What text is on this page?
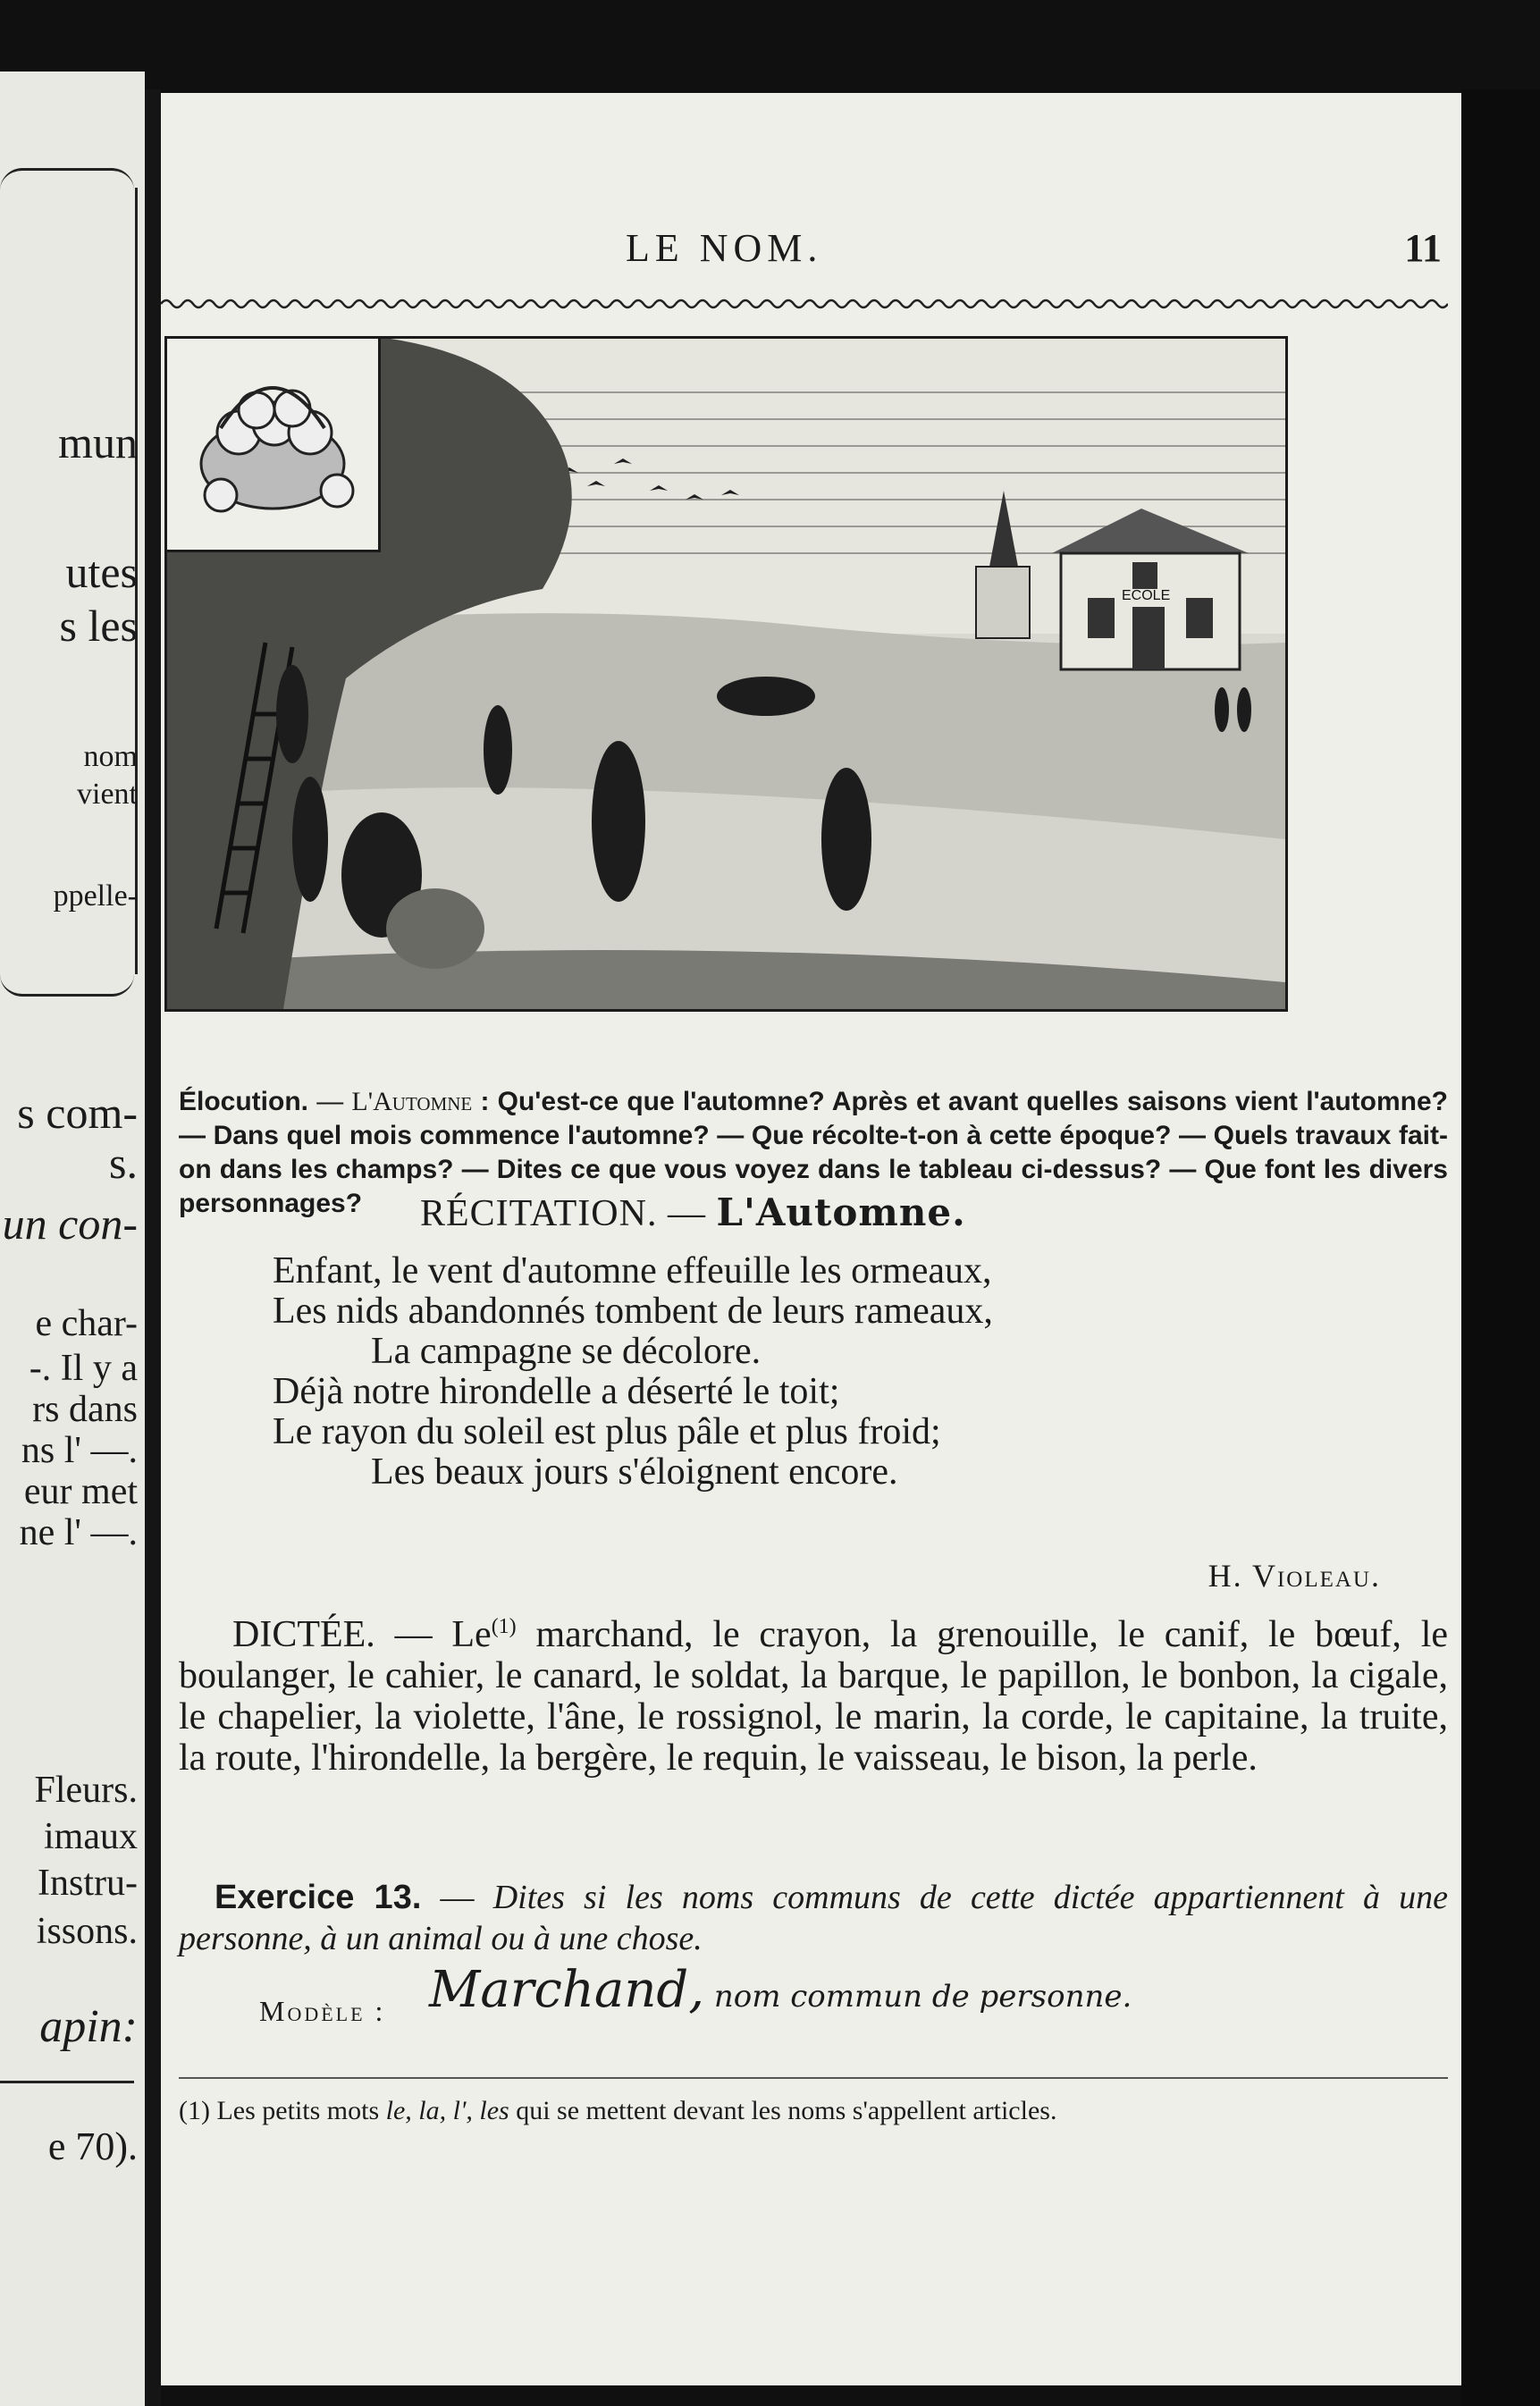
mun
utes
s les
nom
vient
ppelle-
s com-
s.
un con-
e char-
-. Il y a
rs dans
ns l' —.
eur met
ne l' —.
Fleurs.
imaux
Instru-
issons.
apin:
e 70).
LE NOM.	11
ECOLE
Élocution. — L'Automne : Qu'est-ce que l'automne? Après et avant quelles saisons vient l'automne? — Dans quel mois commence l'automne? — Que récolte-t-on à cette époque? — Quels travaux fait-on dans les champs? — Dites ce que vous voyez dans le tableau ci-dessus? — Que font les divers personnages?	RÉCITATION. — L'Automne.
Enfant, le vent d'automne effeuille les ormeaux,
Les nids abandonnés tombent de leurs rameaux,
La campagne se décolore.
Déjà notre hirondelle a déserté le toit;
Le rayon du soleil est plus pâle et plus froid;
Les beaux jours s'éloignent encore.
H. Violeau.
DICTÉE. — Le$^{(1)}$ marchand, le crayon, la grenouille, le canif, le bœuf, le boulanger, le cahier, le canard, le soldat, la barque, le papillon, le bonbon, la cigale, le chapelier, la violette, l'âne, le rossignol, le marin, la corde, le capitaine, la truite, la route, l'hirondelle, la bergère, le requin, le vaisseau, le bison, la perle.
Exercice 13. — Dites si les noms communs de cette dictée appartiennent à une personne, à un animal ou à une chose.
Modèle : Marchand, nom commun de personne.
(1) Les petits mots le, la, l', les qui se mettent devant les noms s'appellent articles.
